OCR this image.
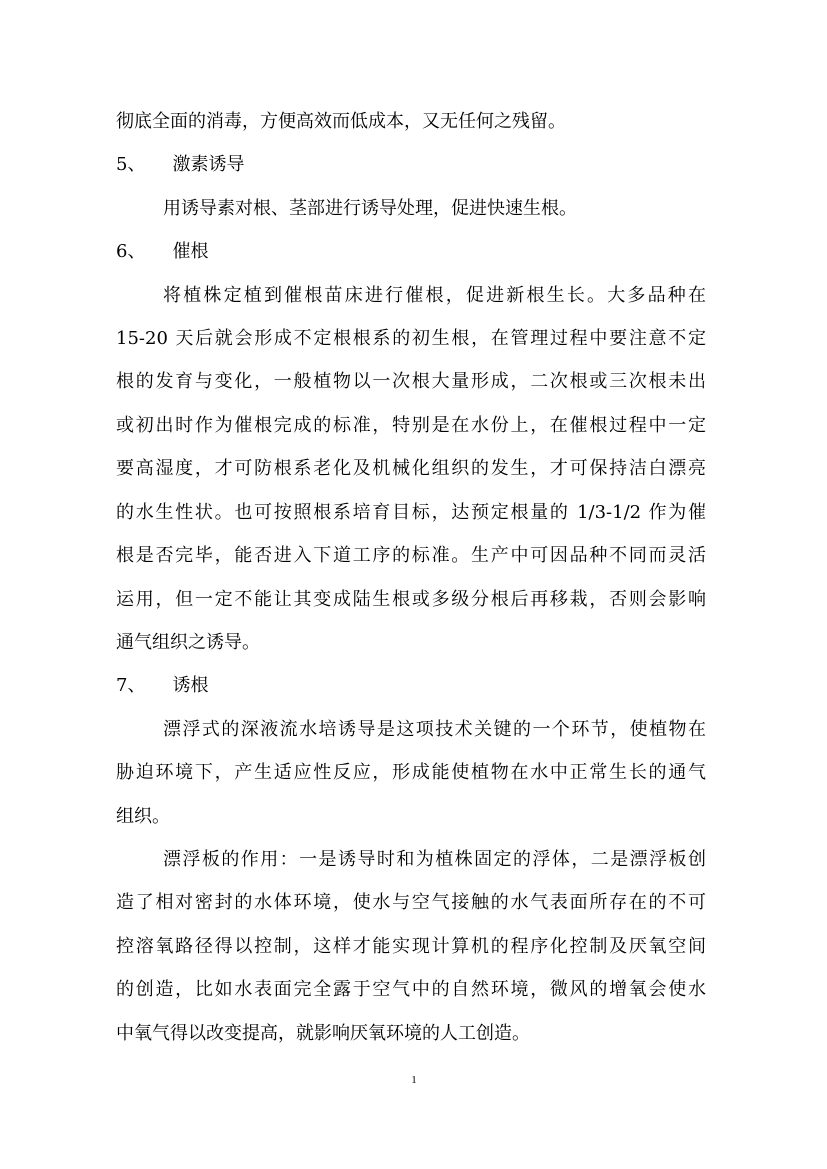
彻底全面的消毒，方便高效而低成本，又无任何之残留。
5、　　激素诱导
用诱导素对根、茎部进行诱导处理，促进快速生根。
6、　　催根
将植株定植到催根苗床进行催根，促进新根生长。大多品种在
15-20 天后就会形成不定根根系的初生根，在管理过程中要注意不定
根的发育与变化，一般植物以一次根大量形成，二次根或三次根未出
或初出时作为催根完成的标准，特别是在水份上，在催根过程中一定
要高湿度，才可防根系老化及机械化组织的发生，才可保持洁白漂亮
的水生性状。也可按照根系培育目标，达预定根量的 1/3-1/2 作为催
根是否完毕，能否进入下道工序的标准。生产中可因品种不同而灵活
运用，但一定不能让其变成陆生根或多级分根后再移栽，否则会影响
通气组织之诱导。
7、　　诱根
漂浮式的深液流水培诱导是这项技术关键的一个环节，使植物在
胁迫环境下，产生适应性反应，形成能使植物在水中正常生长的通气
组织。
漂浮板的作用：一是诱导时和为植株固定的浮体，二是漂浮板创
造了相对密封的水体环境，使水与空气接触的水气表面所存在的不可
控溶氧路径得以控制，这样才能实现计算机的程序化控制及厌氧空间
的创造，比如水表面完全露于空气中的自然环境，微风的增氧会使水
中氧气得以改变提高，就影响厌氧环境的人工创造。
1
